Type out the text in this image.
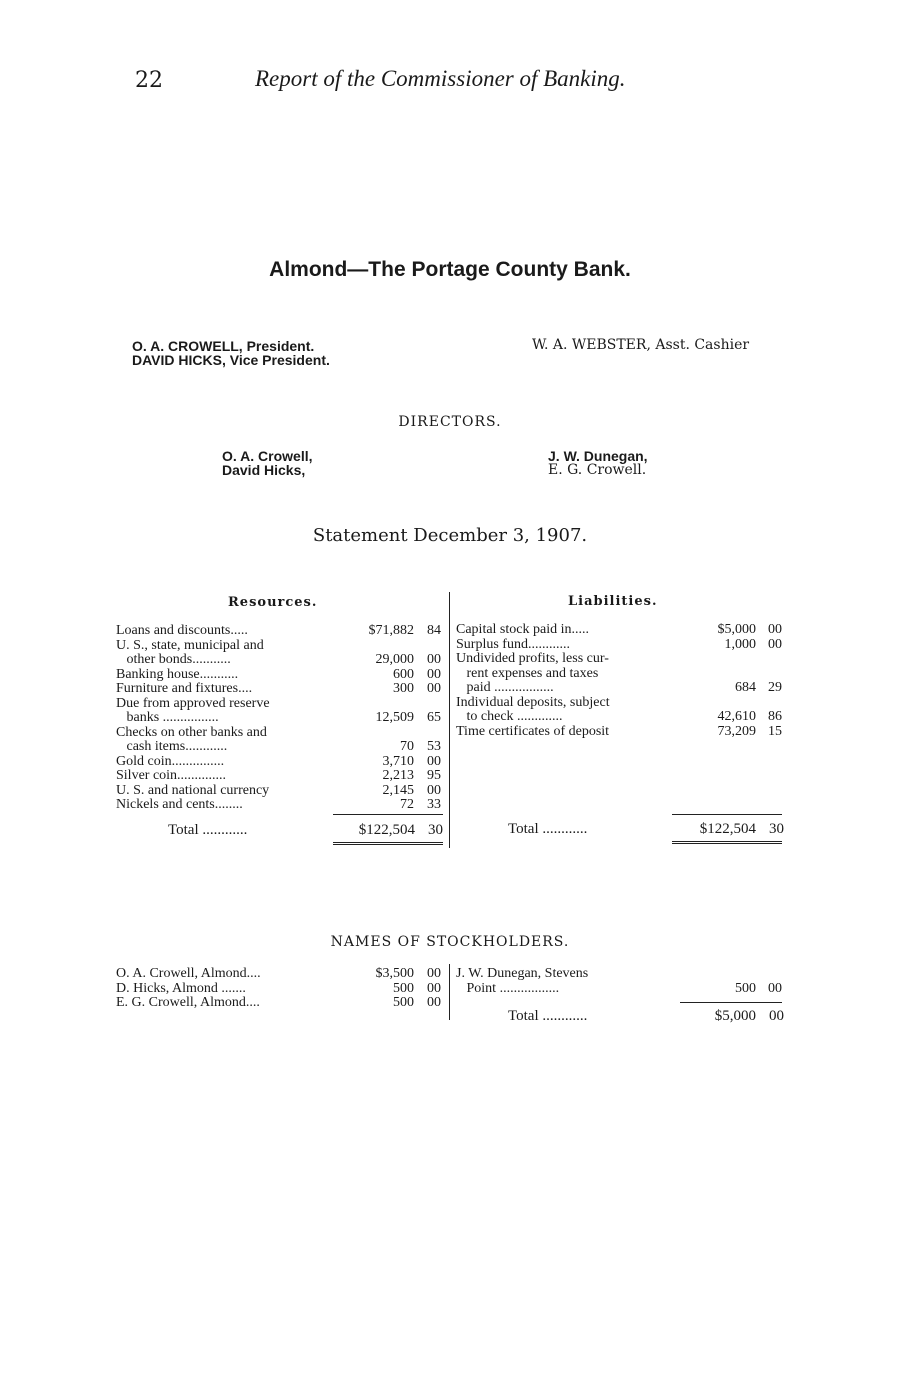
22	Report of the Commissioner of Banking.
Almond—The Portage County Bank.
O. A. CROWELL, President.
DAVID HICKS, Vice President.
W. A. WEBSTER, Asst. Cashier
DIRECTORS.
O. A. Crowell,
David Hicks,
J. W. Dunegan,
E. G. Crowell.
Statement December 3, 1907.
Resources.	Liabilities.
Loans and discounts.....	$71,882 84
U. S., state, municipal and
other bonds...........	29,000 00
Banking house...........	600 00
Furniture and fixtures....	300 00
Due from approved reserve
banks ................	12,509 65
Checks on other banks and
cash items............	70 53
Gold coin...............	3,710 00
Silver coin..............	2,213 95
U. S. and national currency	2,145 00
Nickels and cents........	72 33
Total ............	$122,504 30
Capital stock paid in.....	$5,000 00
Surplus fund............	1,000 00
Undivided profits, less cur-
rent expenses and taxes
paid .................	684 29
Individual deposits, subject
to check .............	42,610 86
Time certificates of deposit	73,209 15
Total ............	$122,504 30
NAMES OF STOCKHOLDERS.
O. A. Crowell, Almond....	$3,500 00
D. Hicks, Almond .......	500 00
E. G. Crowell, Almond....	500 00
J. W. Dunegan, Stevens
Point .................	500 00
Total ............	$5,000 00
